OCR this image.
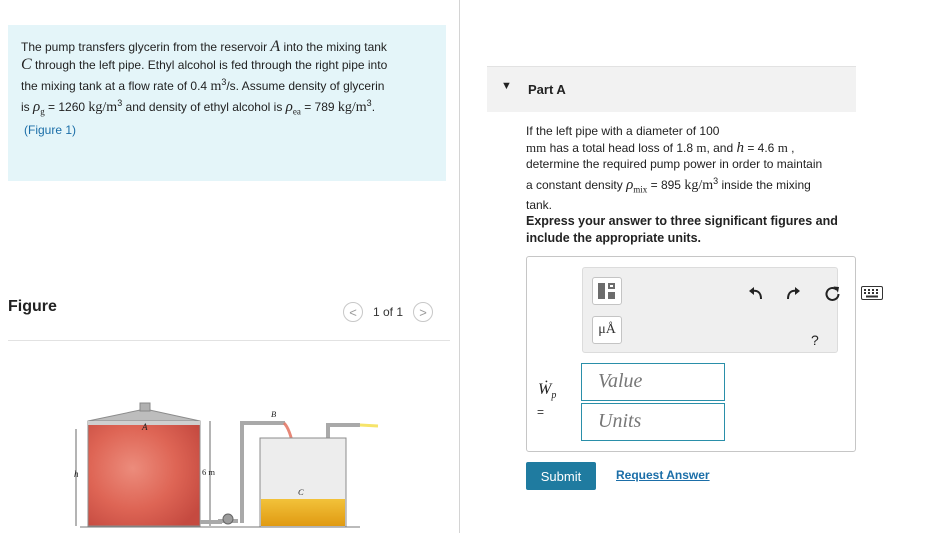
The pump transfers glycerin from the reservoir A into the mixing tank

C through the left pipe. Ethyl alcohol is fed through the right pipe into

the mixing tank at a flow rate of 0.4 $m^3/s$. Assume density of glycerin

is $\rho_g = 1260$ $kg/m^3$ and density of ethyl alcohol is $\rho_{ea} = 789$ $kg/m^3$.

(Figure 1)
Figure	< 1 of 1 >
A
h	6 m
B
C
▼ Part A

If the left pipe with a diameter of 100

mm has a total head loss of 1.8 m, and h = 4.6 m ,

determine the required pump power in order to maintain

a constant density $\rho_{mix} = 895$ $kg/m^3$ inside the mixing

tank.

Express your answer to three significant figures and include the appropriate units.
μÅ
?
Ẇ$_p$
=
Value
Units
Submit	Request Answer
